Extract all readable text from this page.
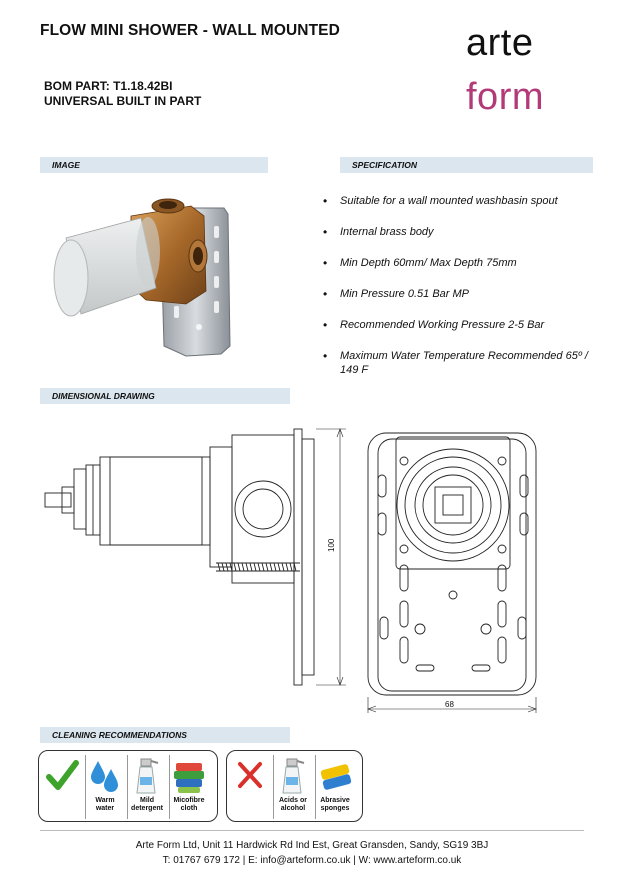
FLOW MINI SHOWER - WALL MOUNTED
BOM PART: T1.18.42BI
UNIVERSAL BUILT IN PART
arte
form
IMAGE	SPECIFICATION
DIMENSIONAL DRAWING
CLEANING RECOMMENDATIONS
• Suitable for a wall mounted washbasin spout
• Internal brass body
• Min Depth 60mm/ Max Depth 75mm
• Min Pressure 0.51 Bar MP
• Recommended Working Pressure 2-5 Bar
• Maximum Water Temperature Recommended 65º / 149 F
100
68
Warm water
Mild detergent
Micofibre cloth
Acids or alcohol
Abrasive sponges
Arte Form Ltd, Unit 11 Hardwick Rd Ind Est, Great Gransden, Sandy, SG19 3BJ
T: 01767 679 172 | E: info@arteform.co.uk | W: www.arteform.co.uk
